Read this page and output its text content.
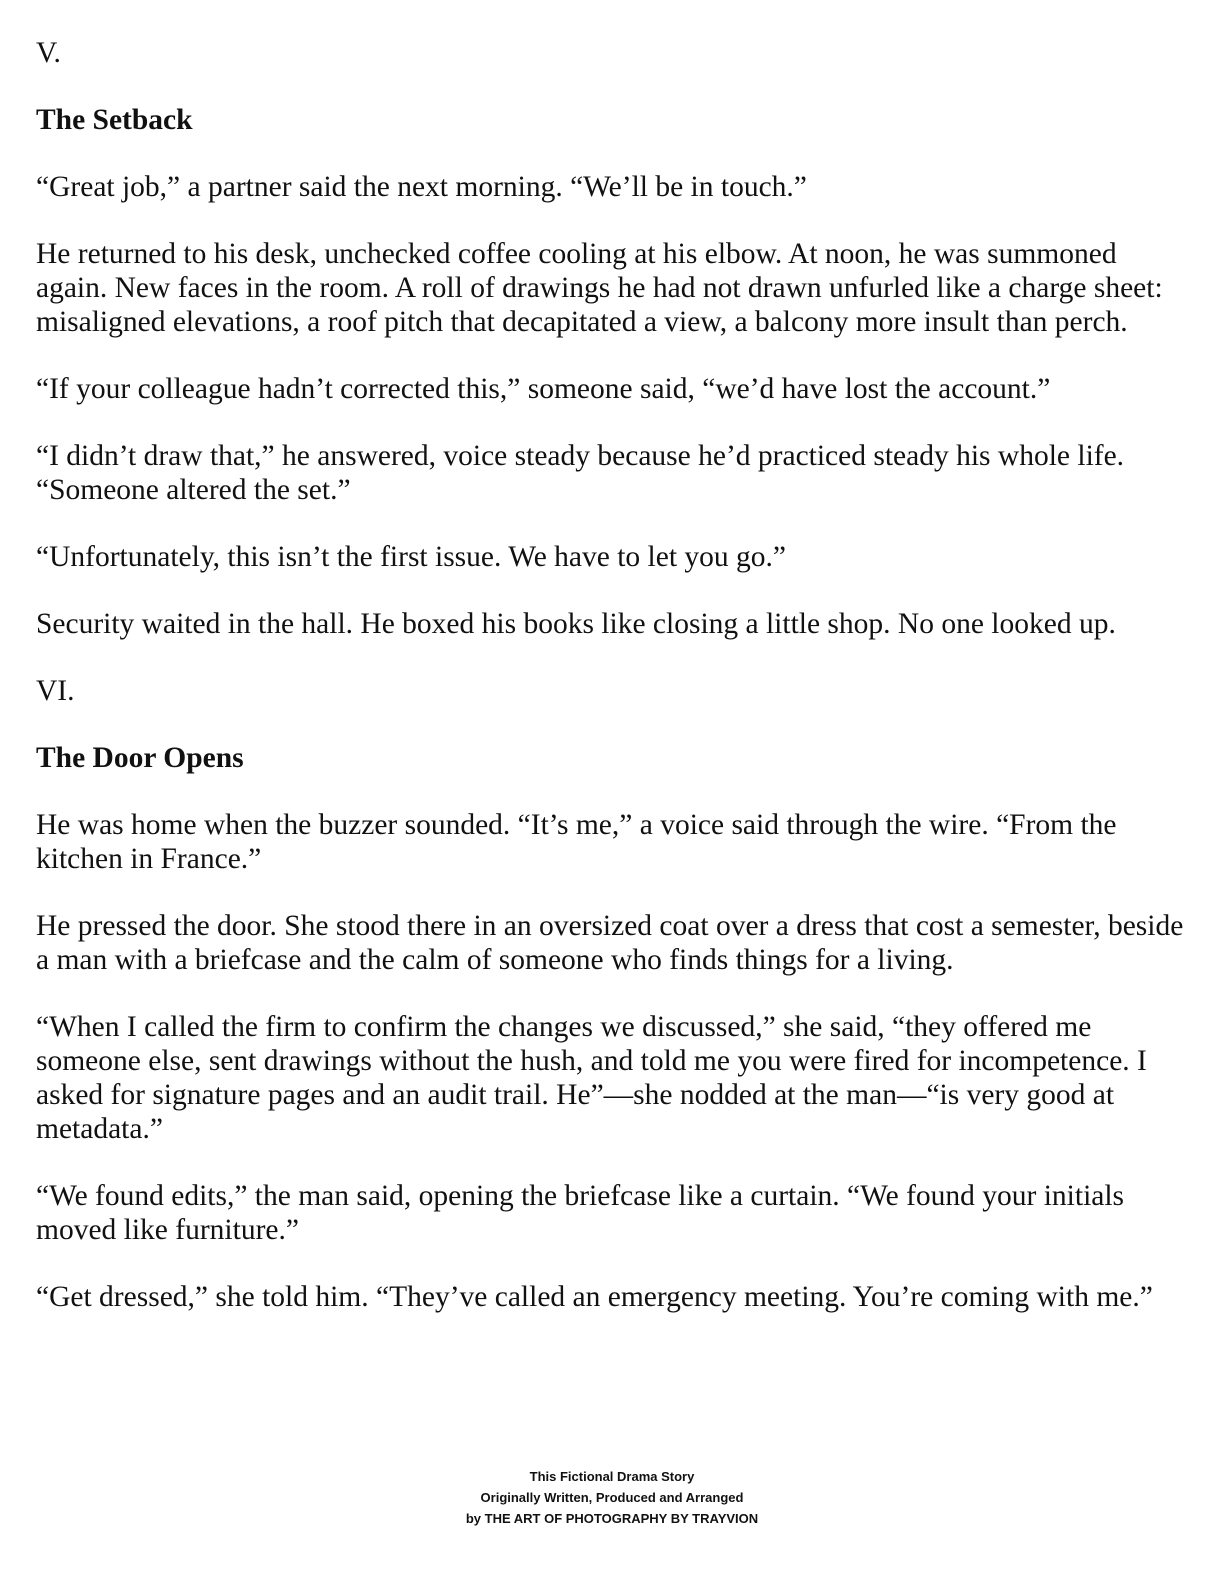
V.
The Setback
“Great job,” a partner said the next morning. “We’ll be in touch.”
He returned to his desk, unchecked coffee cooling at his elbow. At noon, he was summoned again. New faces in the room. A roll of drawings he had not drawn unfurled like a charge sheet: misaligned elevations, a roof pitch that decapitated a view, a balcony more insult than perch.
“If your colleague hadn’t corrected this,” someone said, “we’d have lost the account.”
“I didn’t draw that,” he answered, voice steady because he’d practiced steady his whole life. “Someone altered the set.”
“Unfortunately, this isn’t the first issue. We have to let you go.”
Security waited in the hall. He boxed his books like closing a little shop. No one looked up.
VI.
The Door Opens
He was home when the buzzer sounded. “It’s me,” a voice said through the wire. “From the kitchen in France.”
He pressed the door. She stood there in an oversized coat over a dress that cost a semester, beside a man with a briefcase and the calm of someone who finds things for a living.
“When I called the firm to confirm the changes we discussed,” she said, “they offered me someone else, sent drawings without the hush, and told me you were fired for incompetence. I asked for signature pages and an audit trail. He”—she nodded at the man—“is very good at metadata.”
“We found edits,” the man said, opening the briefcase like a curtain. “We found your initials moved like furniture.”
“Get dressed,” she told him. “They’ve called an emergency meeting. You’re coming with me.”
This Fictional Drama Story
Originally Written, Produced and Arranged
by THE ART OF PHOTOGRAPHY BY TRAYVION
